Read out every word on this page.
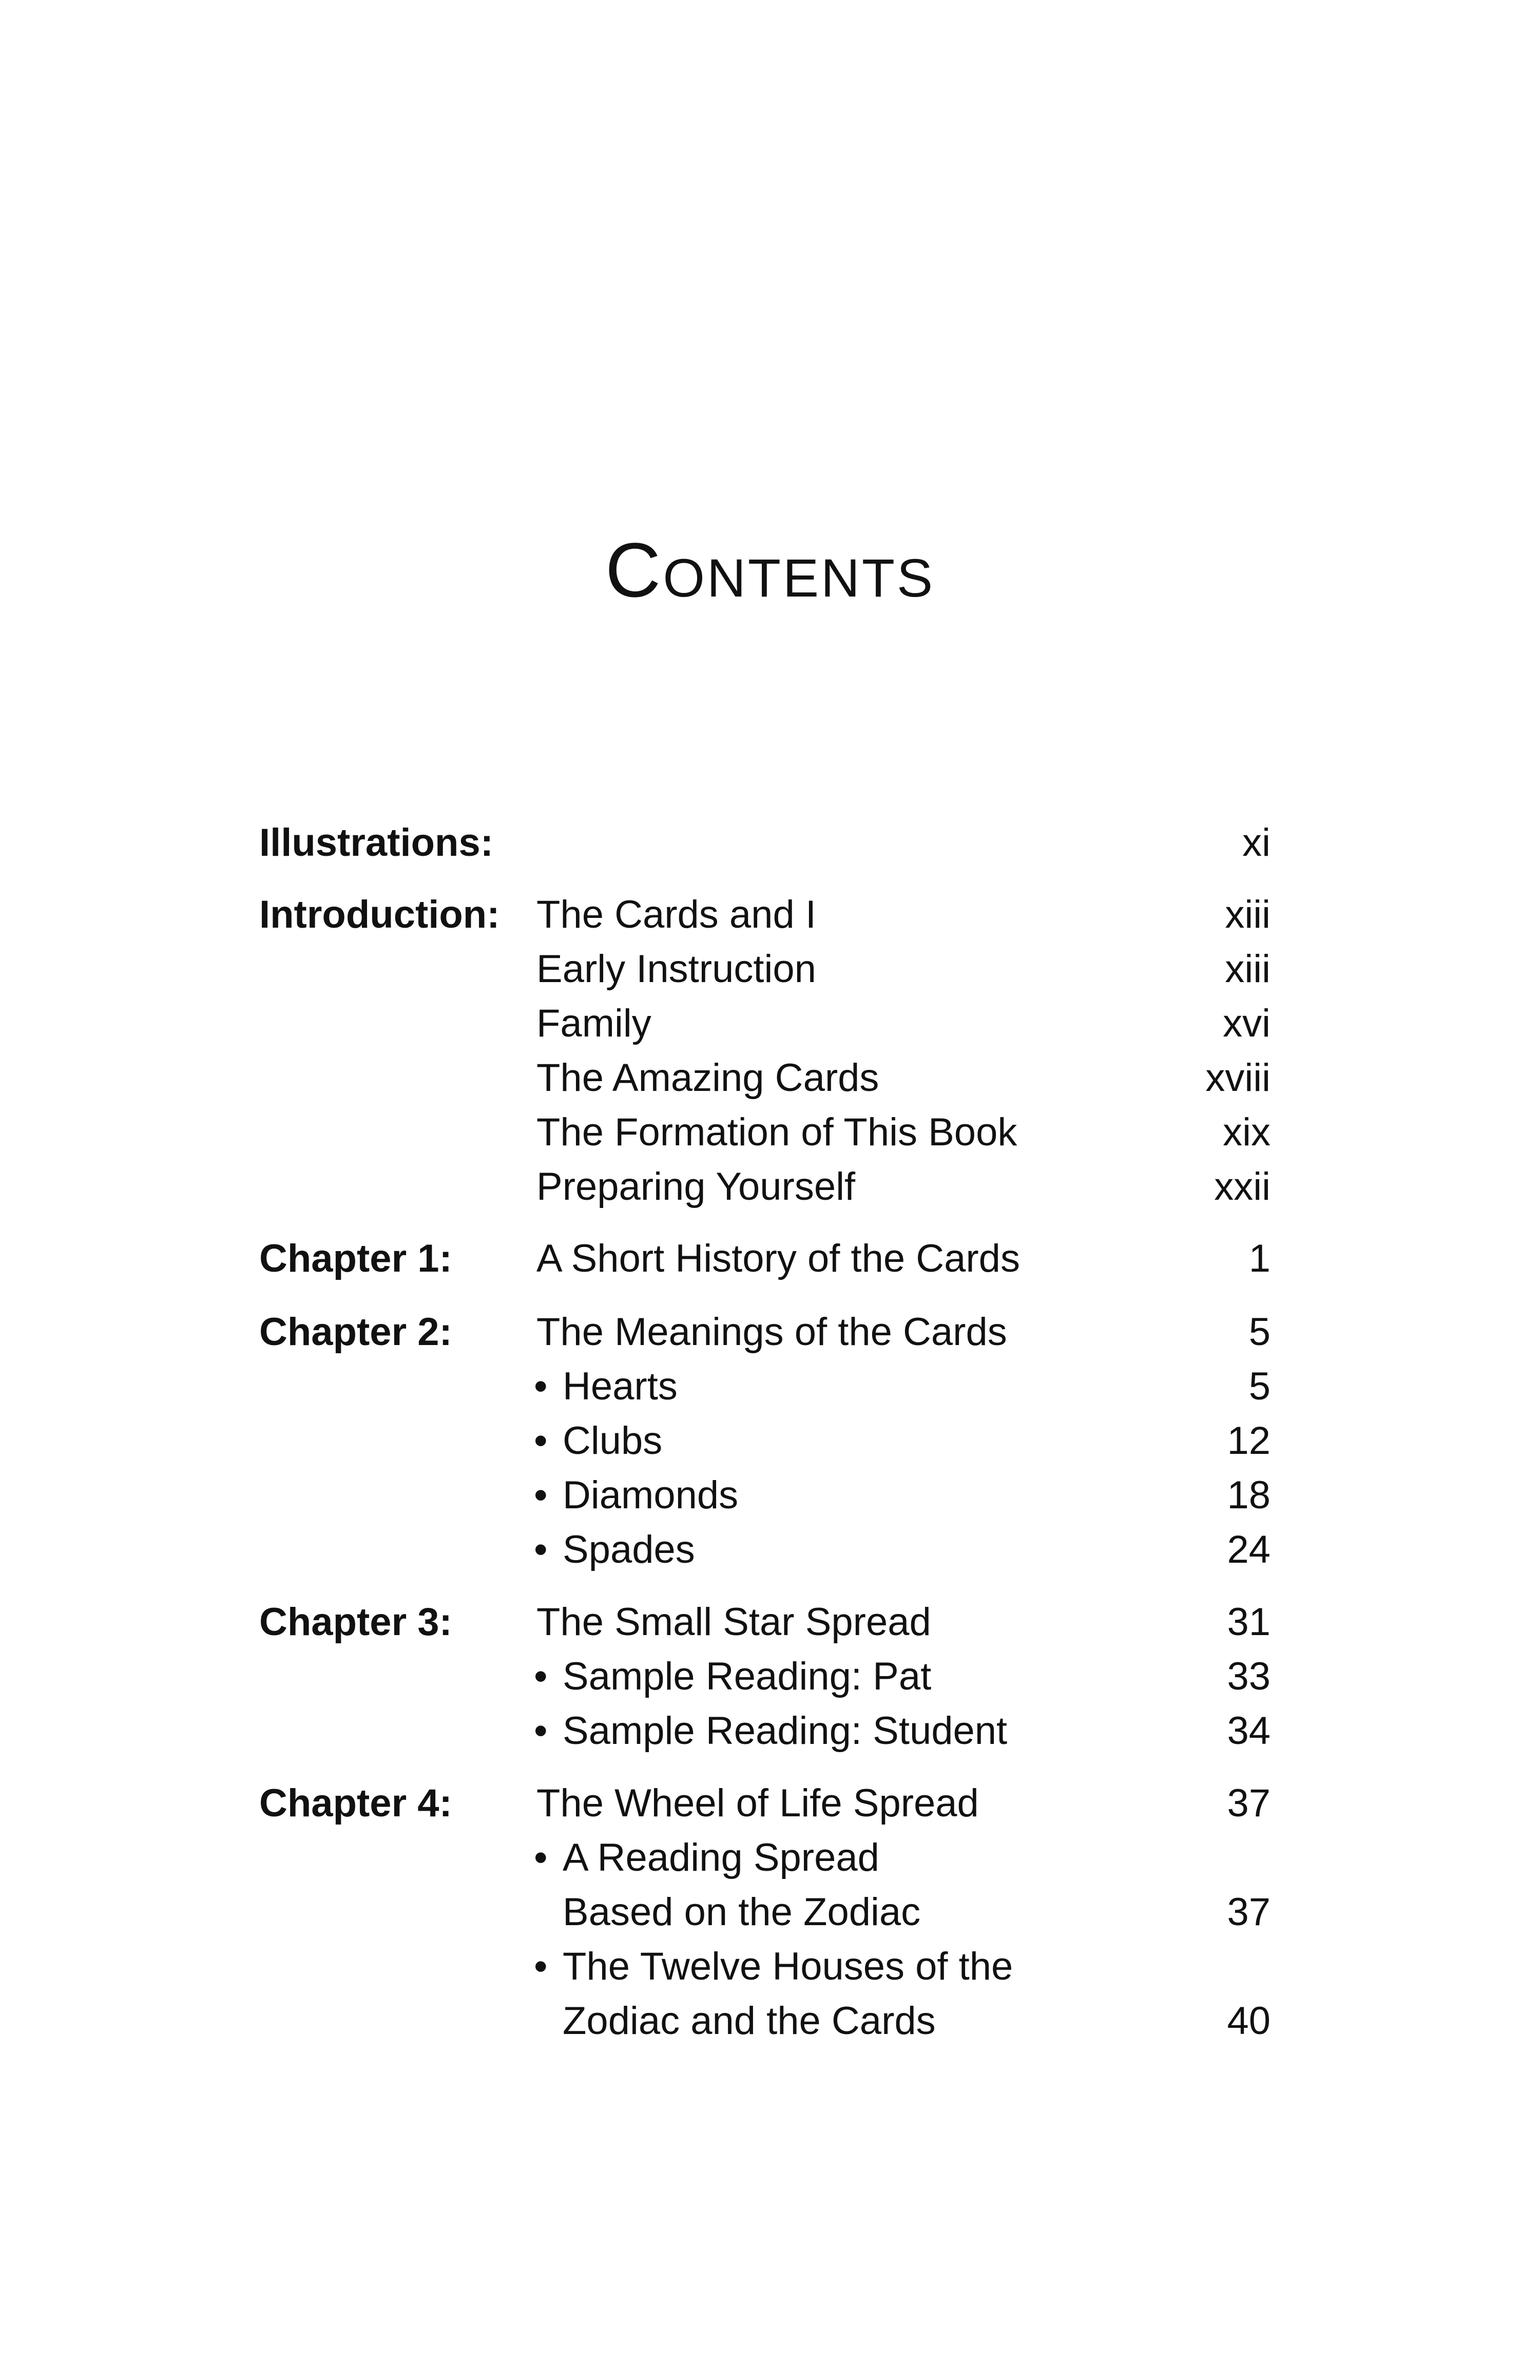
Contents
Illustrations:	xi
Introduction: The Cards and I	xiii
Early Instruction	xiii
Family	xvi
The Amazing Cards	xviii
The Formation of This Book	xix
Preparing Yourself	xxii
Chapter 1: A Short History of the Cards	1
Chapter 2: The Meanings of the Cards	5
• Hearts	5
• Clubs	12
• Diamonds	18
• Spades	24
Chapter 3: The Small Star Spread	31
• Sample Reading: Pat	33
• Sample Reading: Student	34
Chapter 4: The Wheel of Life Spread	37
• A Reading Spread
Based on the Zodiac	37
• The Twelve Houses of the
Zodiac and the Cards	40
